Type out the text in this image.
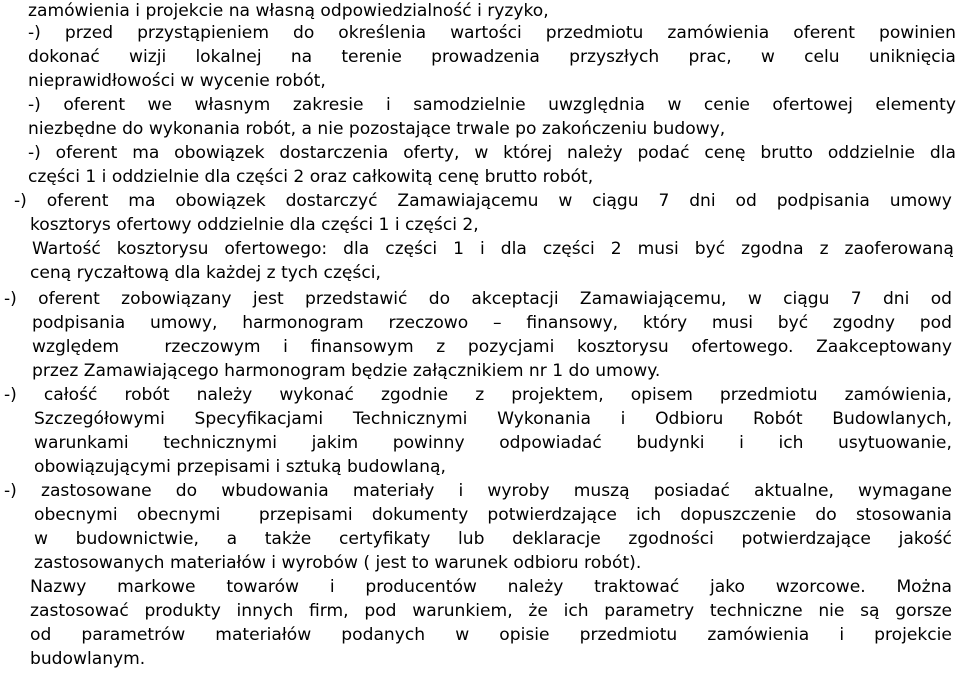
zamówienia i projekcie na własną odpowiedzialność i ryzyko,
-) przed przystąpieniem do określenia wartości przedmiotu zamówienia oferent powinien
dokonać wizji lokalnej na terenie prowadzenia przyszłych prac, w celu uniknięcia
nieprawidłowości w wycenie robót,
-) oferent we własnym zakresie i samodzielnie uwzględnia w cenie ofertowej elementy
niezbędne do wykonania robót, a nie pozostające trwale po zakończeniu budowy,
-) oferent ma obowiązek dostarczenia oferty, w której należy podać cenę brutto oddzielnie dla
części 1 i oddzielnie dla części 2 oraz całkowitą cenę brutto robót,
-) oferent ma obowiązek dostarczyć Zamawiającemu w ciągu 7 dni od podpisania umowy
kosztorys ofertowy oddzielnie dla części 1 i części 2,
Wartość kosztorysu ofertowego: dla części 1 i dla części 2 musi być zgodna z zaoferowaną
ceną ryczałtową dla każdej z tych części,
-) oferent zobowiązany jest przedstawić do akceptacji Zamawiającemu, w ciągu 7 dni od
podpisania umowy, harmonogram rzeczowo – finansowy, który musi być zgodny pod
względem	rzeczowym i finansowym z pozycjami kosztorysu ofertowego. Zaakceptowany
przez Zamawiającego harmonogram będzie załącznikiem nr 1 do umowy.
-) całość robót należy wykonać zgodnie z projektem, opisem przedmiotu zamówienia,
Szczegółowymi Specyfikacjami Technicznymi Wykonania i Odbioru Robót Budowlanych,
warunkami technicznymi jakim powinny odpowiadać budynki i ich usytuowanie,
obowiązującymi przepisami i sztuką budowlaną,
-) zastosowane do wbudowania materiały i wyroby muszą posiadać aktualne, wymagane
obecnymi obecnymi przepisami dokumenty potwierdzające ich dopuszczenie do stosowania
w budownictwie, a także certyfikaty lub deklaracje zgodności potwierdzające jakość
zastosowanych materiałów i wyrobów ( jest to warunek odbioru robót).
Nazwy markowe towarów i producentów należy traktować jako wzorcowe. Można
zastosować produkty innych firm, pod warunkiem, że ich parametry techniczne nie są gorsze
od parametrów materiałów podanych w opisie przedmiotu zamówienia i projekcie
budowlanym.
